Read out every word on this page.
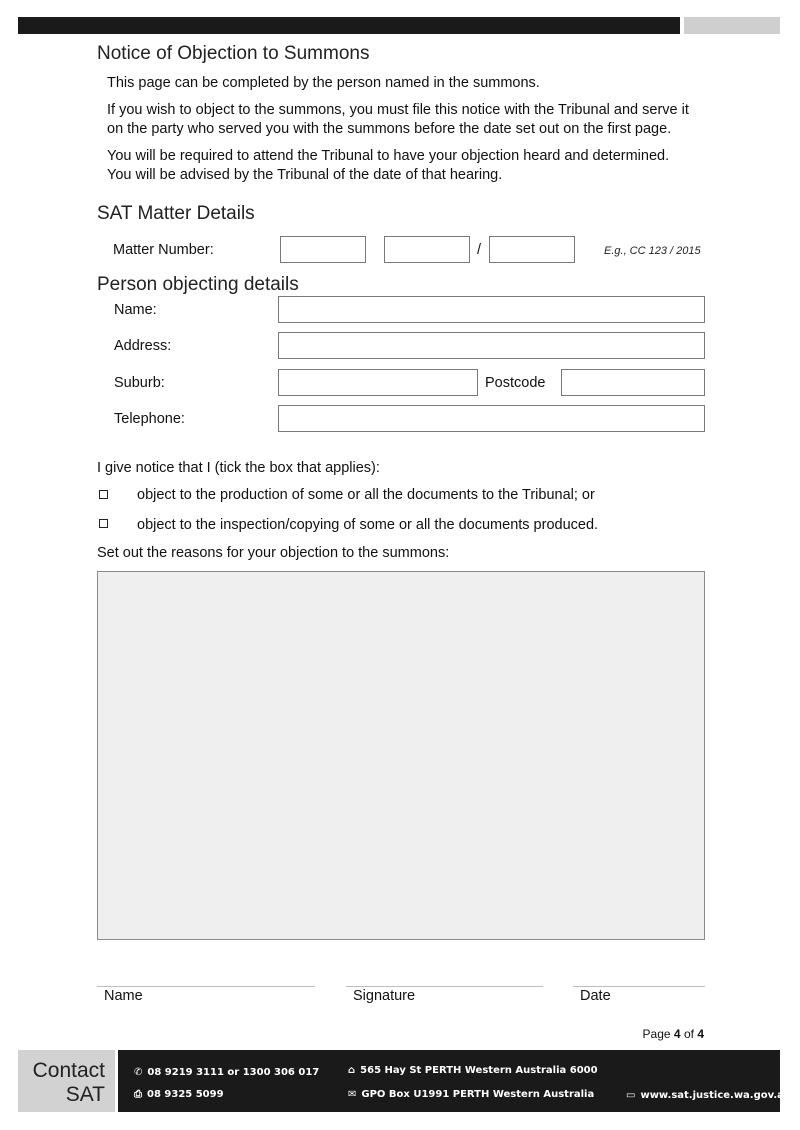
Notice of Objection to Summons
This page can be completed by the person named in the summons.
If you wish to object to the summons, you must file this notice with the Tribunal and serve it
on the party who served you with the summons before the date set out on the first page.
You will be required to attend the Tribunal to have your objection heard and determined.
You will be advised by the Tribunal of the date of that hearing.
SAT Matter Details
Matter Number:	/	E.g., CC 123 / 2015
Person objecting details
Name:
Address:
Suburb:	Postcode
Telephone:
I give notice that I (tick the box that applies):
object to the production of some or all the documents to the Tribunal; or
object to the inspection/copying of some or all the documents produced.
Set out the reasons for your objection to the summons:
Name	Signature	Date
Page 4 of 4
Contact
SAT
✆ 08 9219 3111 or 1300 306 017
⎙ 08 9325 5099
⌂ 565 Hay St PERTH Western Australia 6000
✉ GPO Box U1991 PERTH Western Australia	▭ www.sat.justice.wa.gov.au
